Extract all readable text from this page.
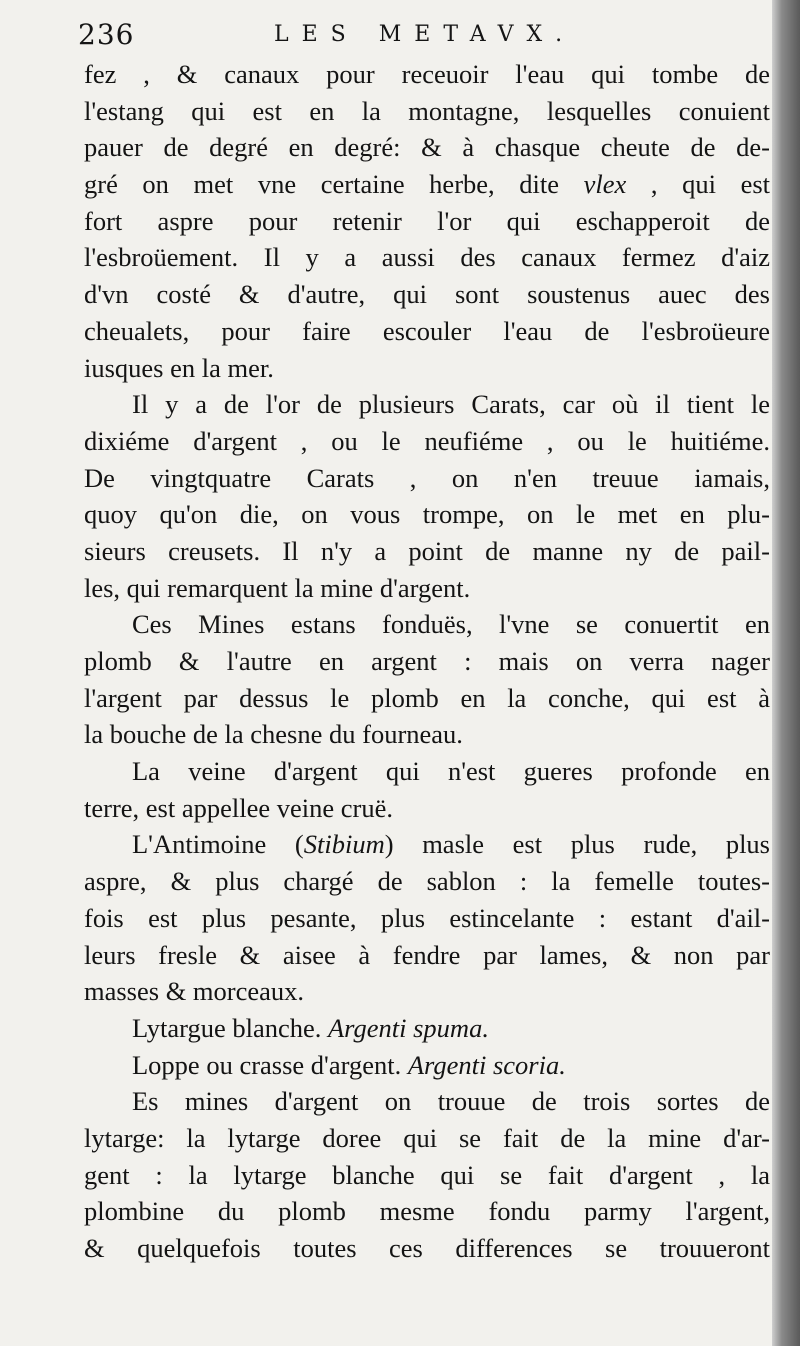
236	LES METAVX.
fez , & canaux pour receuoir l'eau qui tombe de
l'estang qui est en la montagne, lesquelles conuient
pauer de degré en degré: & à chasque cheute de de-
gré on met vne certaine herbe, dite vlex , qui est
fort aspre pour retenir l'or qui eschapperoit de
l'esbroüement. Il y a aussi des canaux fermez d'aiz
d'vn costé & d'autre, qui sont soustenus auec des
cheualets, pour faire escouler l'eau de l'esbroüeure
iusques en la mer.
Il y a de l'or de plusieurs Carats, car où il tient le
dixiéme d'argent , ou le neufiéme , ou le huitiéme.
De vingtquatre Carats , on n'en treuue iamais,
quoy qu'on die, on vous trompe, on le met en plu-
sieurs creusets. Il n'y a point de manne ny de pail-
les, qui remarquent la mine d'argent.
Ces Mines estans fonduës, l'vne se conuertit en
plomb & l'autre en argent : mais on verra nager
l'argent par dessus le plomb en la conche, qui est à
la bouche de la chesne du fourneau.
La veine d'argent qui n'est gueres profonde en
terre, est appellee veine cruë.
L'Antimoine (Stibium) masle est plus rude, plus
aspre, & plus chargé de sablon : la femelle toutes-
fois est plus pesante, plus estincelante : estant d'ail-
leurs fresle & aisee à fendre par lames, & non par
masses & morceaux.
Lytargue blanche. Argenti spuma.
Loppe ou crasse d'argent. Argenti scoria.
Es mines d'argent on trouue de trois sortes de
lytarge: la lytarge doree qui se fait de la mine d'ar-
gent : la lytarge blanche qui se fait d'argent , la
plombine du plomb mesme fondu parmy l'argent,
& quelquefois toutes ces differences se trouueront
